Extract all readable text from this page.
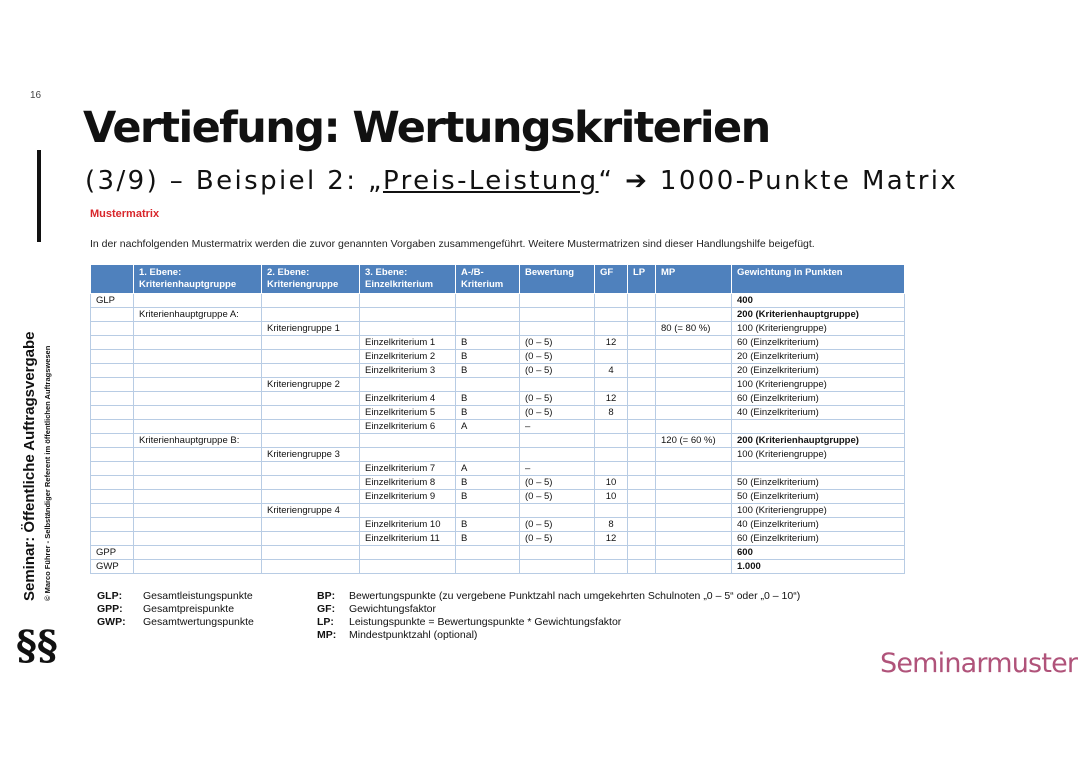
16
Seminar: Öffentliche Auftragsvergabe © Marco Führer - Selbständiger Referent im öffentlichen Auftragswesen
§§
Vertiefung: Wertungskriterien
(3/9) – Beispiel 2: „Preis-Leistung“ ➔ 1000-Punkte Matrix
Mustermatrix
In der nachfolgenden Mustermatrix werden die zuvor genannten Vorgaben zusammengeführt. Weitere Mustermatrizen sind dieser Handlungshilfe beigefügt.
	1. Ebene: Kriterienhauptgruppe	2. Ebene: Kriteriengruppe	3. Ebene: Einzelkriterium	A-/B- Kriterium	Bewertung	GF	LP	MP	Gewichtung in Punkten
GLP									400
	Kriterienhauptgruppe A:								200 (Kriterienhauptgruppe)
		Kriteriengruppe 1						80 (= 80 %)	100 (Kriteriengruppe)
			Einzelkriterium 1	B	(0 – 5)	12			60 (Einzelkriterium)
			Einzelkriterium 2	B	(0 – 5)				20 (Einzelkriterium)
			Einzelkriterium 3	B	(0 – 5)	4			20 (Einzelkriterium)
		Kriteriengruppe 2							100 (Kriteriengruppe)
			Einzelkriterium 4	B	(0 – 5)	12			60 (Einzelkriterium)
			Einzelkriterium 5	B	(0 – 5)	8			40 (Einzelkriterium)
			Einzelkriterium 6	A	–				
	Kriterienhauptgruppe B:							120 (= 60 %)	200 (Kriterienhauptgruppe)
		Kriteriengruppe 3							100 (Kriteriengruppe)
			Einzelkriterium 7	A	–				
			Einzelkriterium 8	B	(0 – 5)	10			50 (Einzelkriterium)
			Einzelkriterium 9	B	(0 – 5)	10			50 (Einzelkriterium)
		Kriteriengruppe 4							100 (Kriteriengruppe)
			Einzelkriterium 10	B	(0 – 5)	8			40 (Einzelkriterium)
			Einzelkriterium 11	B	(0 – 5)	12			60 (Einzelkriterium)
GPP									600
GWP									1.000
GLP:	Gesamtleistungspunkte
GPP:	Gesamtpreispunkte
GWP:	Gesamtwertungspunkte
BP:	Bewertungspunkte (zu vergebene Punktzahl nach umgekehrten Schulnoten „0 – 5“ oder „0 – 10“)
GF:	Gewichtungsfaktor
LP:	Leistungspunkte = Bewertungspunkte * Gewichtungsfaktor
MP:	Mindestpunktzahl (optional)
Seminarmuster
